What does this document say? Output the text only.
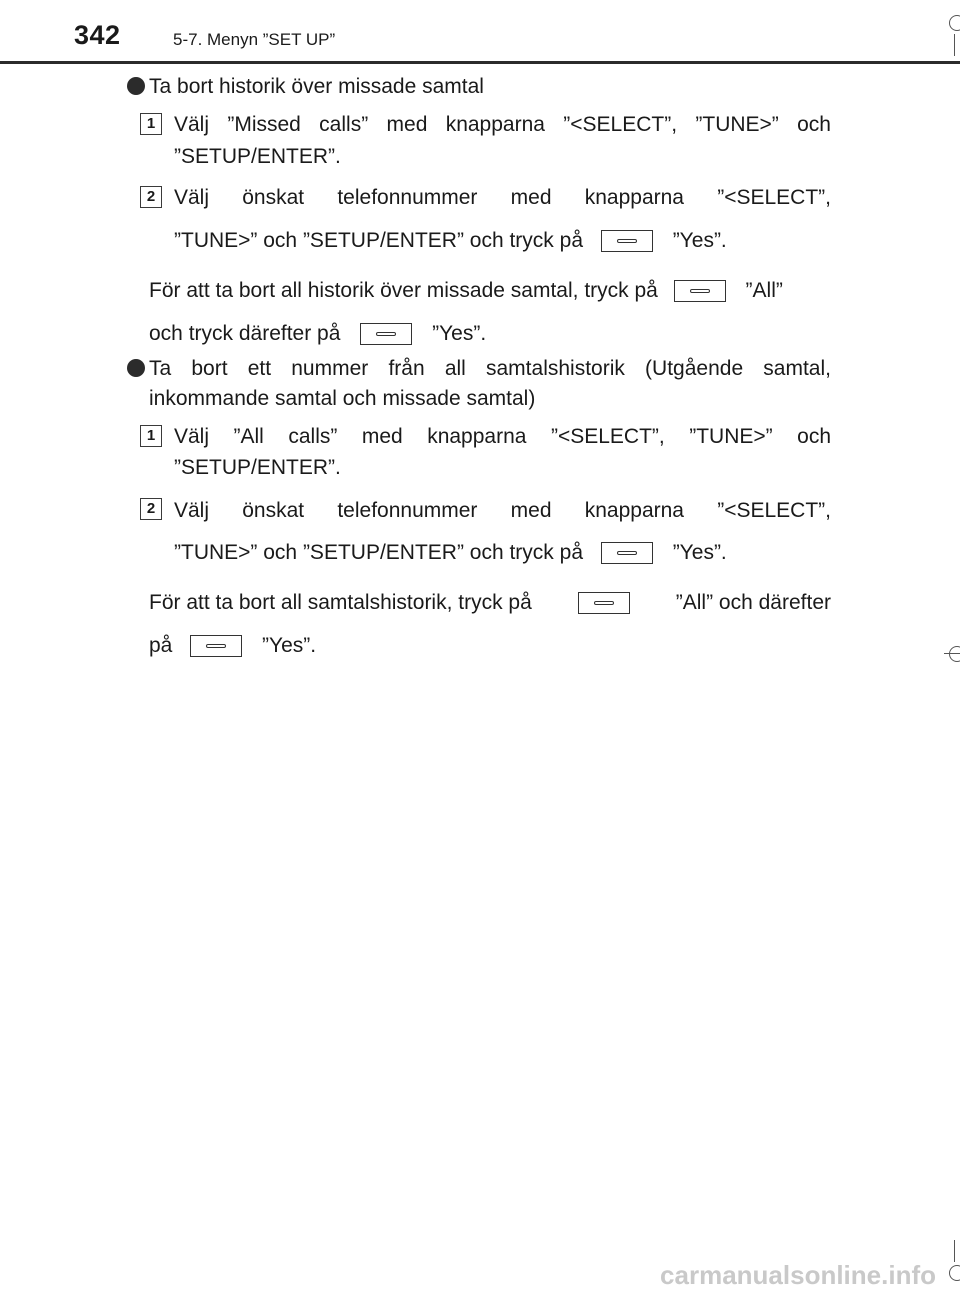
342	5-7. Menyn ”SET UP”
Ta bort historik över missade samtal
1 Välj ”Missed calls” med knapparna ”<SELECT”, ”TUNE>” och
”SETUP/ENTER”.
2 Välj önskat telefonnummer med knapparna ”<SELECT”,
”TUNE>” och ”SETUP/ENTER” och tryck på	”Yes”.
För att ta bort all historik över missade samtal, tryck på	”All”
och tryck därefter på	”Yes”.
Ta bort ett nummer från all samtalshistorik (Utgående samtal,
inkommande samtal och missade samtal)
1 Välj ”All calls” med knapparna ”<SELECT”, ”TUNE>” och
”SETUP/ENTER”.
2 Välj önskat telefonnummer med knapparna ”<SELECT”,
”TUNE>” och ”SETUP/ENTER” och tryck på	”Yes”.
För att ta bort all samtalshistorik, tryck på	”All” och därefter
på	”Yes”.
carmanualsonline.info
